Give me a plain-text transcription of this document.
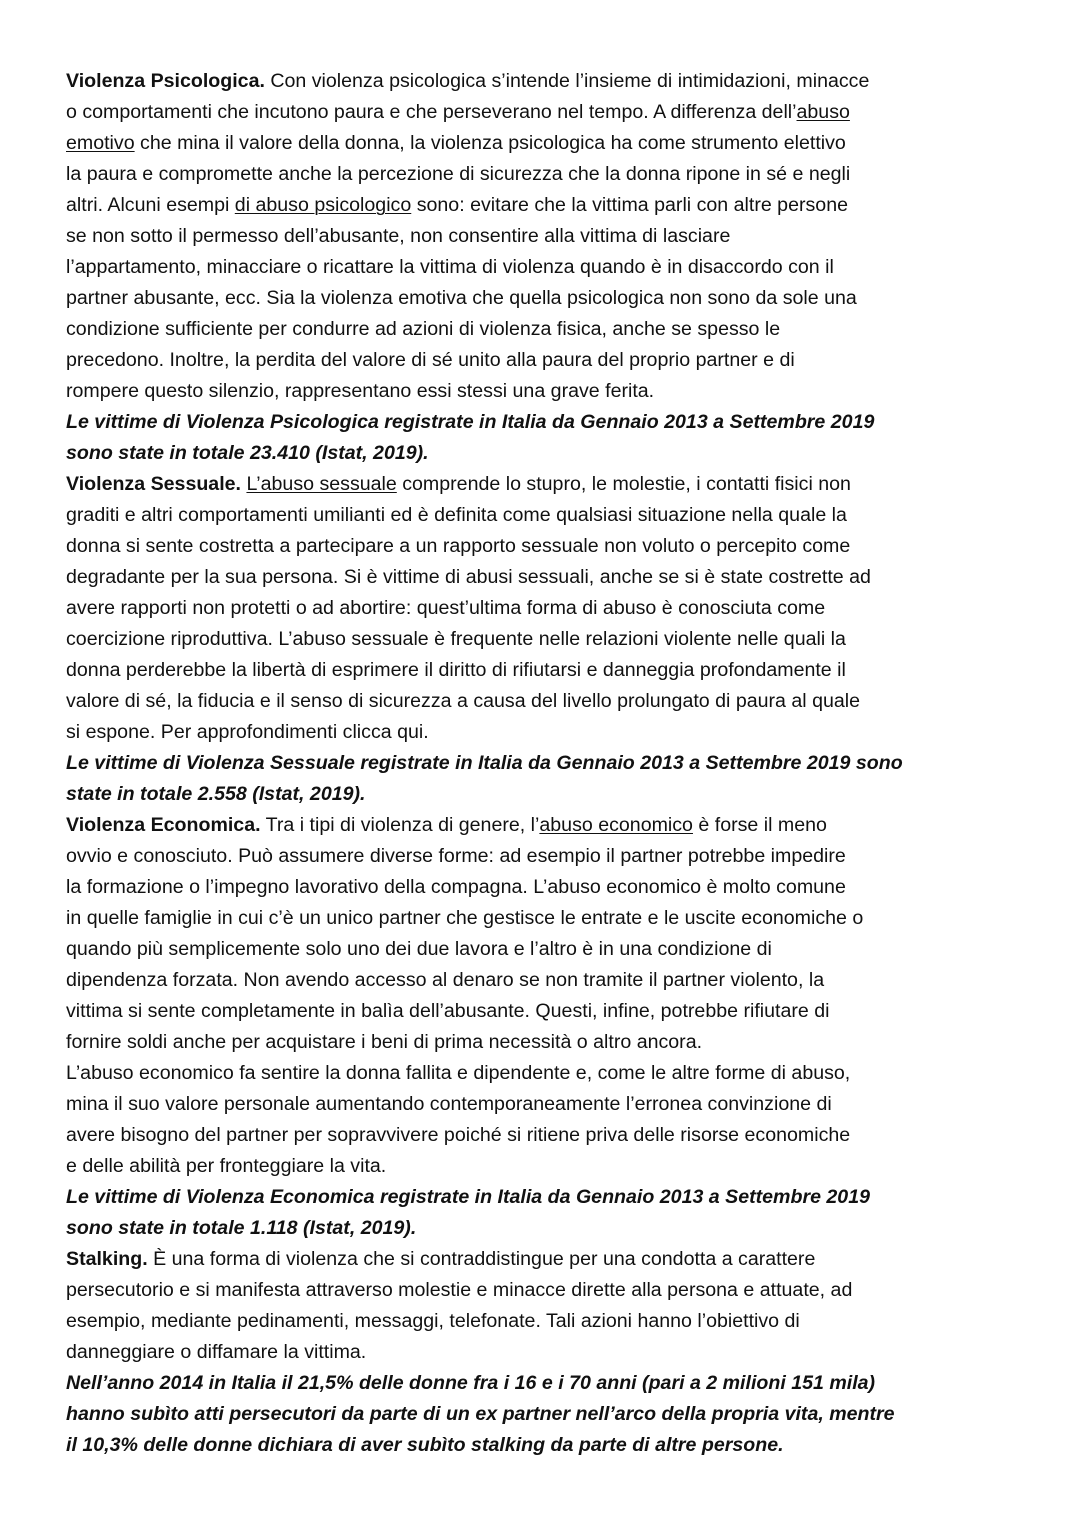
Violenza Psicologica. Con violenza psicologica s’intende l’insieme di intimidazioni, minacce
o comportamenti che incutono paura e che perseverano nel tempo. A differenza dell’abuso
emotivo che mina il valore della donna, la violenza psicologica ha come strumento elettivo
la paura e compromette anche la percezione di sicurezza che la donna ripone in sé e negli
altri. Alcuni esempi di abuso psicologico sono: evitare che la vittima parli con altre persone
se non sotto il permesso dell’abusante, non consentire alla vittima di lasciare
l’appartamento, minacciare o ricattare la vittima di violenza quando è in disaccordo con il
partner abusante, ecc. Sia la violenza emotiva che quella psicologica non sono da sole una
condizione sufficiente per condurre ad azioni di violenza fisica, anche se spesso le
precedono. Inoltre, la perdita del valore di sé unito alla paura del proprio partner e di
rompere questo silenzio, rappresentano essi stessi una grave ferita.
Le vittime di Violenza Psicologica registrate in Italia da Gennaio 2013 a Settembre 2019
sono state in totale 23.410 (Istat, 2019).
Violenza Sessuale. L’abuso sessuale comprende lo stupro, le molestie, i contatti fisici non
graditi e altri comportamenti umilianti ed è definita come qualsiasi situazione nella quale la
donna si sente costretta a partecipare a un rapporto sessuale non voluto o percepito come
degradante per la sua persona. Si è vittime di abusi sessuali, anche se si è state costrette ad
avere rapporti non protetti o ad abortire: quest’ultima forma di abuso è conosciuta come
coercizione riproduttiva. L’abuso sessuale è frequente nelle relazioni violente nelle quali la
donna perderebbe la libertà di esprimere il diritto di rifiutarsi e danneggia profondamente il
valore di sé, la fiducia e il senso di sicurezza a causa del livello prolungato di paura al quale
si espone. Per approfondimenti clicca qui.
Le vittime di Violenza Sessuale registrate in Italia da Gennaio 2013 a Settembre 2019 sono
state in totale 2.558 (Istat, 2019).
Violenza Economica. Tra i tipi di violenza di genere, l’abuso economico è forse il meno
ovvio e conosciuto. Può assumere diverse forme: ad esempio il partner potrebbe impedire
la formazione o l’impegno lavorativo della compagna. L’abuso economico è molto comune
in quelle famiglie in cui c’è un unico partner che gestisce le entrate e le uscite economiche o
quando più semplicemente solo uno dei due lavora e l’altro è in una condizione di
dipendenza forzata. Non avendo accesso al denaro se non tramite il partner violento, la
vittima si sente completamente in balìa dell’abusante. Questi, infine, potrebbe rifiutare di
fornire soldi anche per acquistare i beni di prima necessità o altro ancora.
L’abuso economico fa sentire la donna fallita e dipendente e, come le altre forme di abuso,
mina il suo valore personale aumentando contemporaneamente l’erronea convinzione di
avere bisogno del partner per sopravvivere poiché si ritiene priva delle risorse economiche
e delle abilità per fronteggiare la vita.
Le vittime di Violenza Economica registrate in Italia da Gennaio 2013 a Settembre 2019
sono state in totale 1.118 (Istat, 2019).
Stalking. È una forma di violenza che si contraddistingue per una condotta a carattere
persecutorio e si manifesta attraverso molestie e minacce dirette alla persona e attuate, ad
esempio, mediante pedinamenti, messaggi, telefonate. Tali azioni hanno l’obiettivo di
danneggiare o diffamare la vittima.
Nell’anno 2014 in Italia il 21,5% delle donne fra i 16 e i 70 anni (pari a 2 milioni 151 mila)
hanno subìto atti persecutori da parte di un ex partner nell’arco della propria vita, mentre
il 10,3% delle donne dichiara di aver subìto stalking da parte di altre persone.
